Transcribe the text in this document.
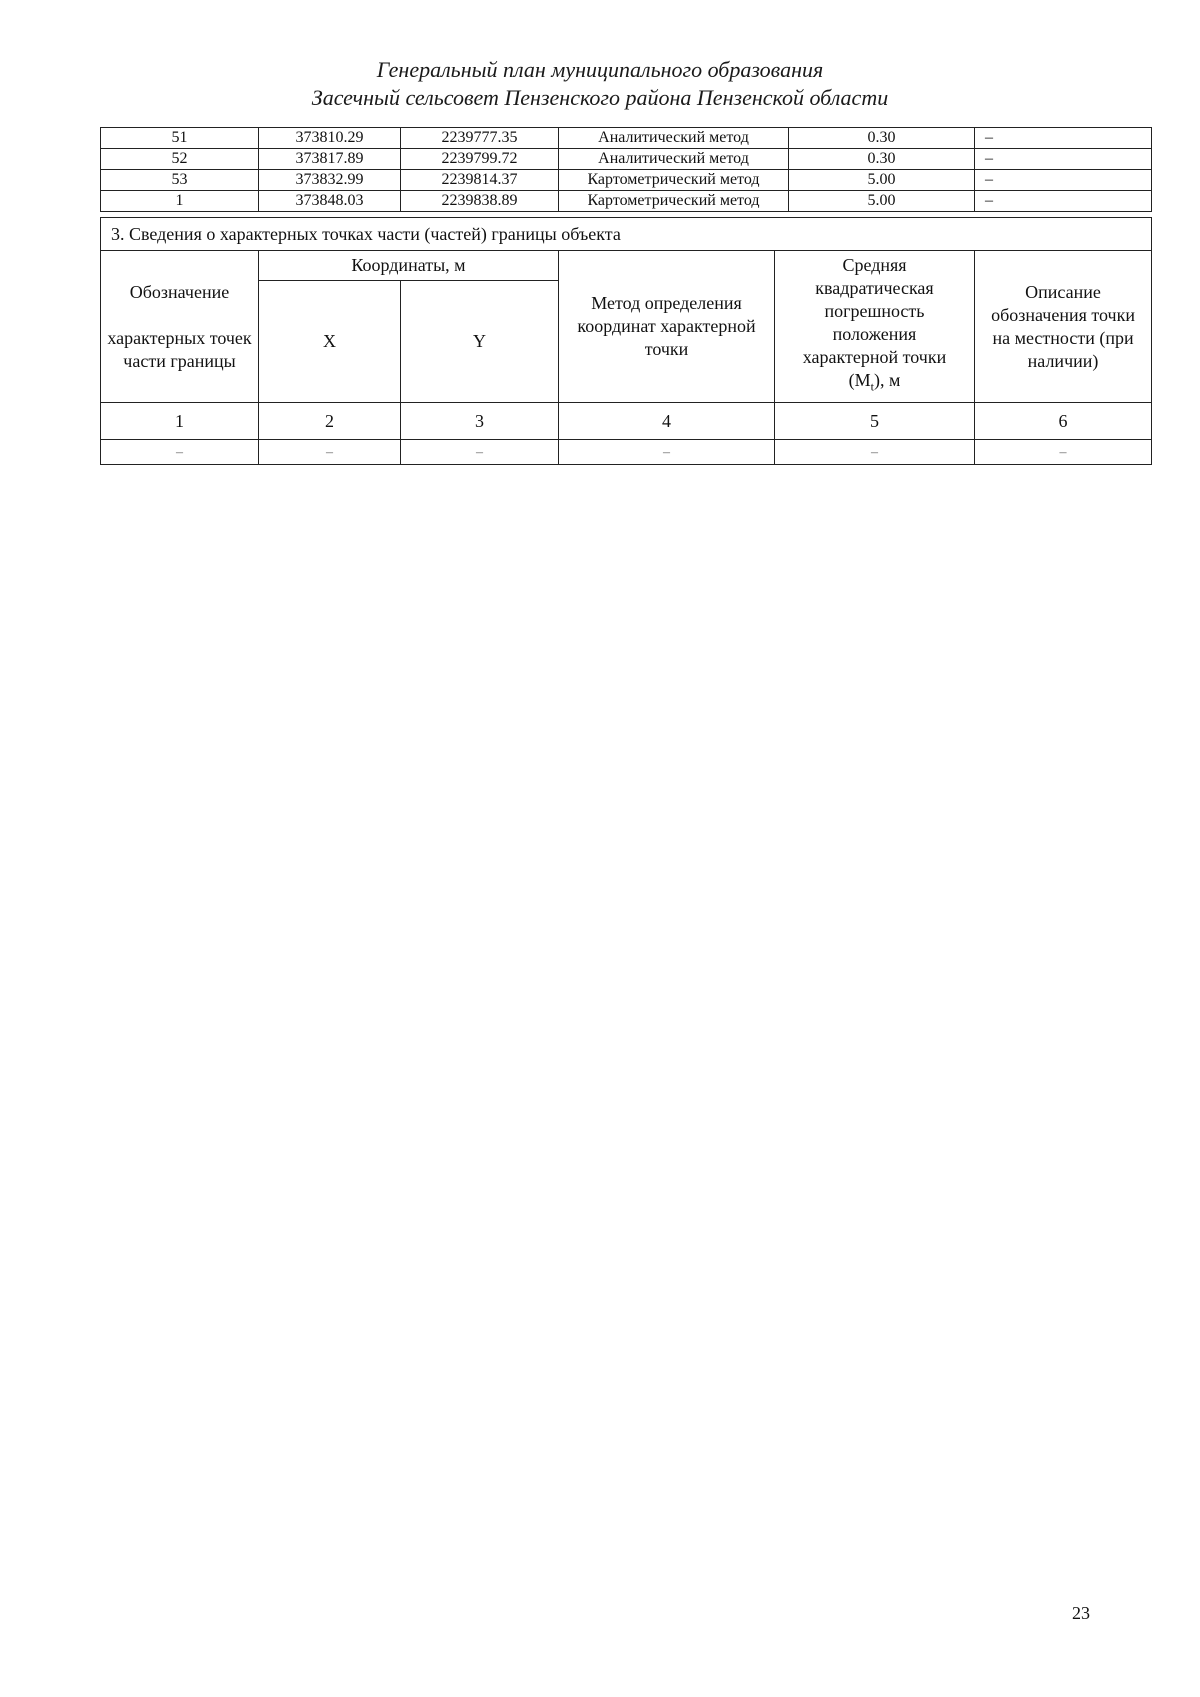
Генеральный план муниципального образования
Засечный сельсовет Пензенского района Пензенской области
51	373810.29	2239777.35	Аналитический метод	0.30	–
52	373817.89	2239799.72	Аналитический метод	0.30	–
53	373832.99	2239814.37	Картометрический метод	5.00	–
1	373848.03	2239838.89	Картометрический метод	5.00	–
3. Сведения о характерных точках части (частей) границы объекта					
Обозначение

характерных точек части границы	Координаты, м		Метод определения координат характерной точки	Средняя квадратическая погрешность положения характерной точки $(M_t)$, м	Описание обозначения точки на местности (при наличии)
	X	Y			
1	2	3	4	5	6
–	–	–	–	–	–
23
